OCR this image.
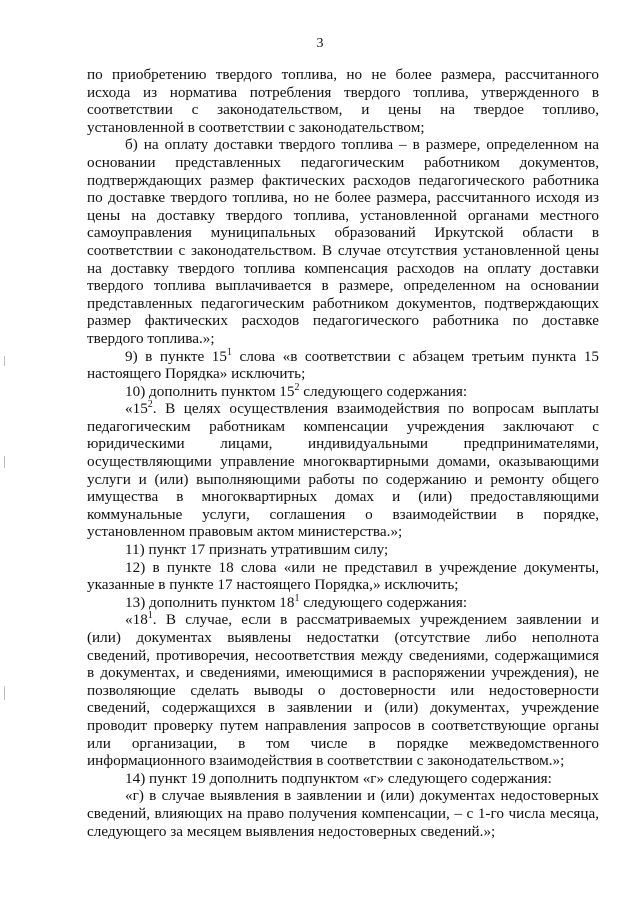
3
по приобретению твердого топлива, но не более размера, рассчитанного
исхода из норматива потребления твердого топлива, утвержденного в
соответствии с законодательством, и цены на твердое топливо,
установленной в соответствии с законодательством;
б) на оплату доставки твердого топлива – в размере, определенном на
основании представленных педагогическим работником документов,
подтверждающих размер фактических расходов педагогического работника
по доставке твердого топлива, но не более размера, рассчитанного исходя из
цены на доставку твердого топлива, установленной органами местного
самоуправления муниципальных образований Иркутской области в
соответствии с законодательством. В случае отсутствия установленной цены
на доставку твердого топлива компенсация расходов на оплату доставки
твердого топлива выплачивается в размере, определенном на основании
представленных педагогическим работником документов, подтверждающих
размер фактических расходов педагогического работника по доставке
твердого топлива.»;
9) в пункте $15^1$ слова «в соответствии с абзацем третьим пункта 15
настоящего Порядка» исключить;
10) дополнить пунктом $15^2$ следующего содержания:
«$15^2$. В целях осуществления взаимодействия по вопросам выплаты
педагогическим работникам компенсации учреждения заключают с
юридическими лицами, индивидуальными предпринимателями,
осуществляющими управление многоквартирными домами, оказывающими
услуги и (или) выполняющими работы по содержанию и ремонту общего
имущества в многоквартирных домах и (или) предоставляющими
коммунальные услуги, соглашения о взаимодействии в порядке,
установленном правовым актом министерства.»;
11) пункт 17 признать утратившим силу;
12) в пункте 18 слова «или не представил в учреждение документы,
указанные в пункте 17 настоящего Порядка,» исключить;
13) дополнить пунктом $18^1$ следующего содержания:
«$18^1$. В случае, если в рассматриваемых учреждением заявлении и
(или) документах выявлены недостатки (отсутствие либо неполнота
сведений, противоречия, несоответствия между сведениями, содержащимися
в документах, и сведениями, имеющимися в распоряжении учреждения), не
позволяющие сделать выводы о достоверности или недостоверности
сведений, содержащихся в заявлении и (или) документах, учреждение
проводит проверку путем направления запросов в соответствующие органы
или организации, в том числе в порядке межведомственного
информационного взаимодействия в соответствии с законодательством.»;
14) пункт 19 дополнить подпунктом «г» следующего содержания:
«г) в случае выявления в заявлении и (или) документах недостоверных
сведений, влияющих на право получения компенсации, – с 1-го числа месяца,
следующего за месяцем выявления недостоверных сведений.»;
